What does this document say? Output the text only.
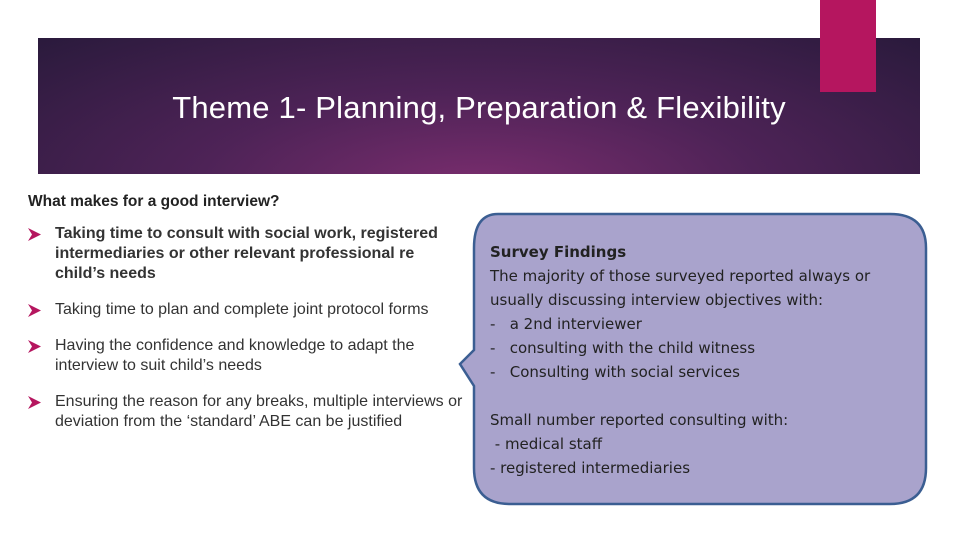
Theme 1- Planning, Preparation & Flexibility
What makes for a good interview?
Taking time to consult with social work, registered intermediaries or other relevant professional re child’s needs
Taking time to plan and complete joint protocol forms
Having the confidence and knowledge to adapt the interview to suit child’s needs
Ensuring the reason for any breaks, multiple interviews or deviation from the ‘standard’ ABE can be justified
Survey Findings
The majority of those surveyed reported always or usually discussing interview objectives with:
-   a 2nd interviewer
-   consulting with the child witness
-   Consulting with social services
Small number reported consulting with:
- medical staff
- registered intermediaries
